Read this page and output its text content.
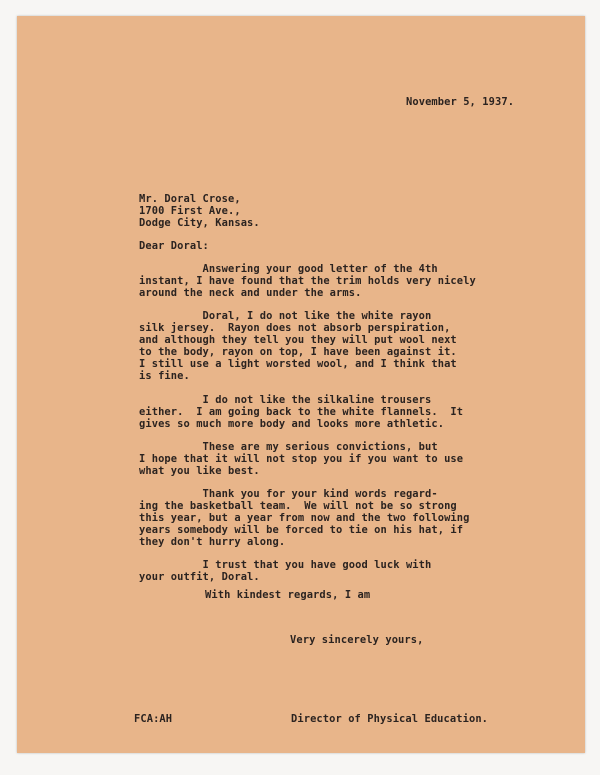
November 5, 1937.
Mr. Doral Crose,
1700 First Ave.,
Dodge City, Kansas.
Dear Doral:
Answering your good letter of the 4th
instant, I have found that the trim holds very nicely
around the neck and under the arms.
Doral, I do not like the white rayon
silk jersey.  Rayon does not absorb perspiration,
and although they tell you they will put wool next
to the body, rayon on top, I have been against it.
I still use a light worsted wool, and I think that
is fine.
I do not like the silkaline trousers
either.  I am going back to the white flannels.  It
gives so much more body and looks more athletic.
These are my serious convictions, but
I hope that it will not stop you if you want to use
what you like best.
Thank you for your kind words regard-
ing the basketball team.  We will not be so strong
this year, but a year from now and the two following
years somebody will be forced to tie on his hat, if
they don't hurry along.
I trust that you have good luck with
your outfit, Doral.
With kindest regards, I am
Very sincerely yours,
FCA:AH	Director of Physical Education.
